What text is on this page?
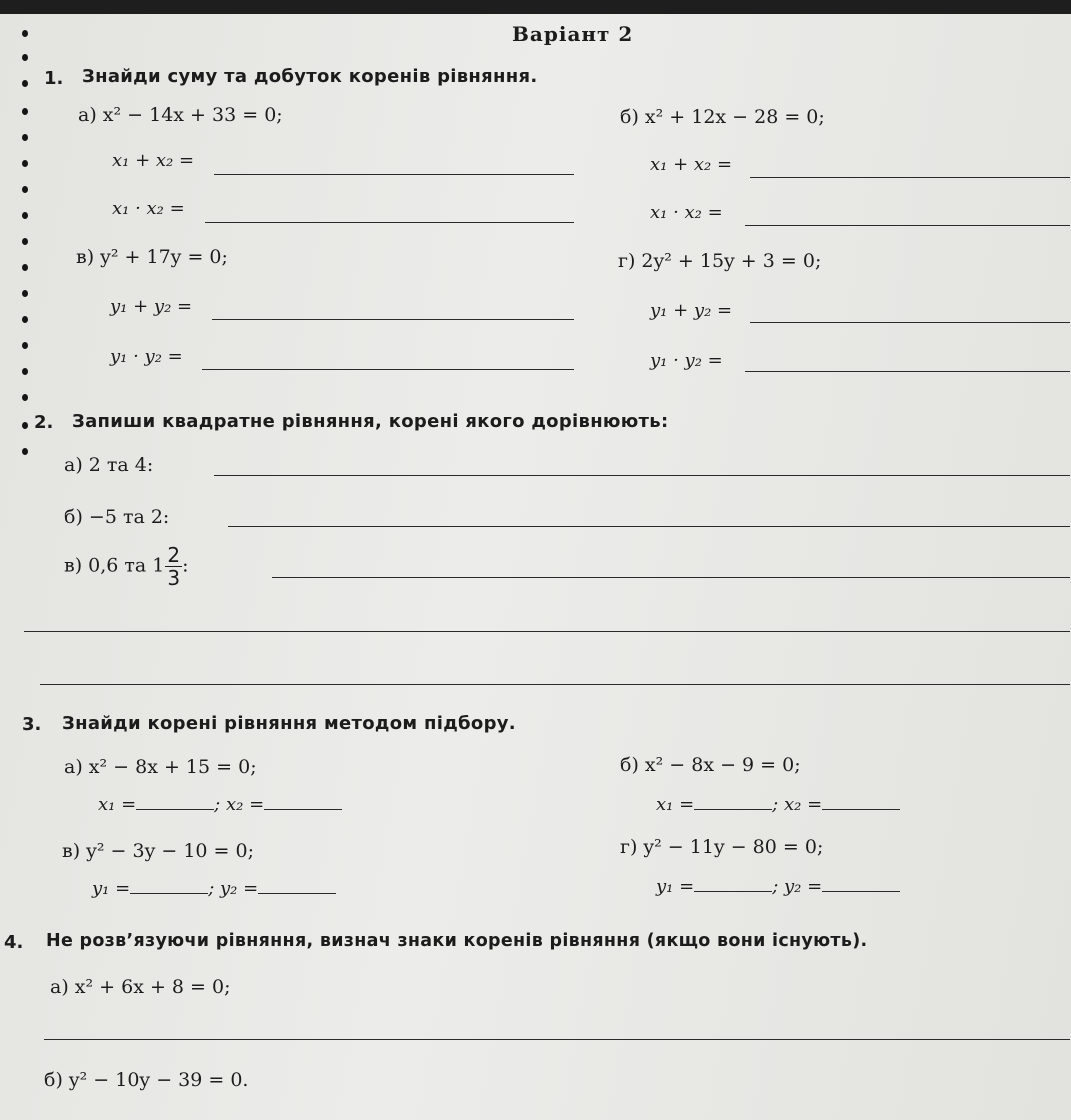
Варіант 2
1. Знайди суму та добуток коренів рівняння.
а) x² − 14x + 33 = 0;
x₁ + x₂ =
x₁ · x₂ =
б) x² + 12x − 28 = 0;
x₁ + x₂ =
x₁ · x₂ =
в) y² + 17y = 0;
y₁ + y₂ =
y₁ · y₂ =
г) 2y² + 15y + 3 = 0;
y₁ + y₂ =
y₁ · y₂ =
2. Запиши квадратне рівняння, корені якого дорівнюють:
а) 2 та 4:
б) −5 та 2:
в) 0,6 та $1 \frac{2}{3}$ :
3. Знайди корені рівняння методом підбору.
а) x² − 8x + 15 = 0;
x₁ =	; x₂ =
б) x² − 8x − 9 = 0;
x₁ =	; x₂ =
в) y² − 3y − 10 = 0;
y₁ =	; y₂ =
г) y² − 11y − 80 = 0;
y₁ =	; y₂ =
4. Не розв’язуючи рівняння, визнач знаки коренів рівняння (якщо вони існують).
а) x² + 6x + 8 = 0;
б) y² − 10y − 39 = 0.
